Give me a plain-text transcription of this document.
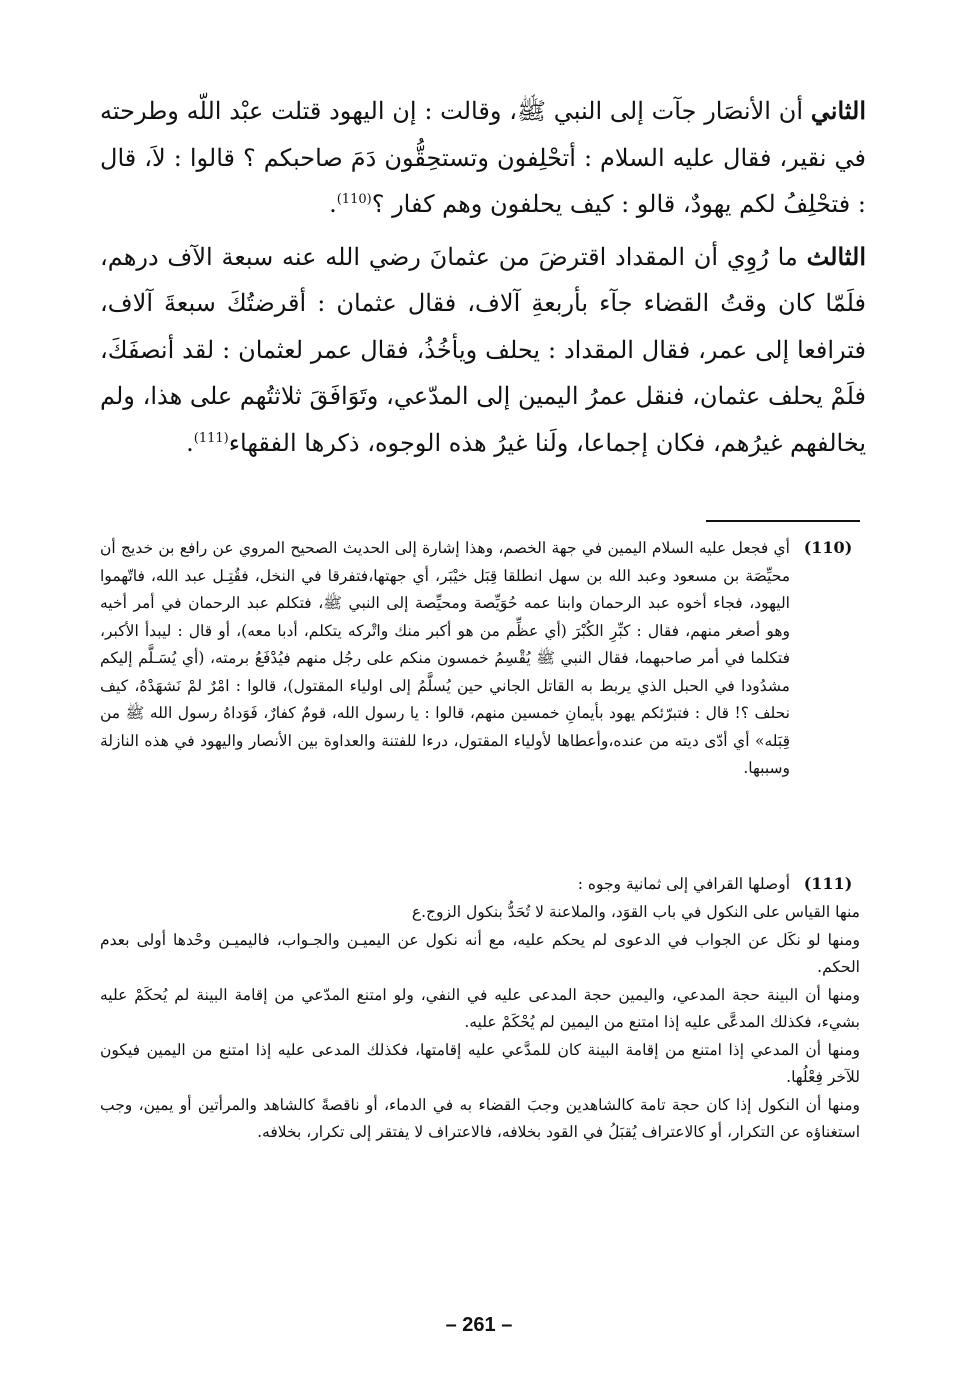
الثاني أن الأنصَار جآت إلى النبي ﷺ، وقالت : إن اليهود قتلت عبْد اللّه وطرحته في نقير، فقال عليه السلام : أتحْلِفون وتستحِقُّون دَمَ صاحبكم ؟ قالوا : لاَ، قال : فتحْلِفُ لكم يهودٌ، قالو : كيف يحلفون وهم كفار ؟$^{(110)}$.

الثالث ما رُوِي أن المقداد اقترضَ من عثمانَ رضي الله عنه سبعة الآف درهم، فلَمّا كان وقتُ القضاء جآء بأربعةِ آلاف، فقال عثمان : أقرضتُكَ سبعةَ آلاف، فترافعا إلى عمر، فقال المقداد : يحلف ويأخُذُ، فقال عمر لعثمان : لقد أنصفَكَ، فلَمْ يحلف عثمان، فنقل عمرُ اليمين إلى المدّعي، وتَوَافَقَ ثلاثتُهم على هذا، ولم يخالفهم غيرُهم، فكان إجماعا، ولَنا غيرُ هذه الوجوه، ذكرها الفقهاء$^{(111)}$.

(110)

أي فجعل عليه السلام اليمين في جهة الخصم، وهذا إشارة إلى الحديث الصحيح المروي عن رافع بن خديج أن محيِّصَة بن مسعود وعبد الله بن سهل انطلقا قِبَل خيْبَر، أي جهتها،فتفرقا في النخل، فقُتِـل عبد الله، فاتّهموا اليهود، فجاء أخوه عبد الرحمان وابنا عمه حُوَيِّصة ومحيِّصة إلى النبي ﷺ، فتكلم عبد الرحمان في أمر أخيه وهو أصغر منهم، فقال : كبِّرِ الكُبْرَ (أي عظِّم من هو أكبر منك واتْركه يتكلم، أدبا معه)، أو قال : ليبدأ الأكبر، فتكلما في أمر صاحبهما، فقال النبي ﷺ يُقْسِمُ خمسون منكم على رجُل منهم فيُدْفَعُ برمته، (أي يُسَـلَّم إليكم مشدُودا في الحبل الذي يربط به القاتل الجاني حين يُسلَّمُ إلى اولياء المقتول)، قالوا : امْرٌ لمْ نَشهَدْهُ، كيف نحلف ؟! قال : فتبرّئكم يهود بأيمانِ خمسين منهم، قالوا : يا رسول الله، قومٌ كفارٌ، فَوَداهُ رسول الله ﷺ من قِبَله» أي أدّى ديته من عنده،وأعطاها لأولياء المقتول، درءا للفتنة والعداوة بين الأنصار واليهود في هذه النازلة وسببها.

(111)

أوصلها القرافي إلى ثمانية وجوه :

منها القياس على النكول في باب القوَد، والملاعنة لا تُحَدُّ بنكول الزوج.ع

ومنها لو نكَل عن الجواب في الدعوى لم يحكم عليه، مع أنه نكول عن اليميـن والجـواب، فاليميـن وحْدها أولى بعدم الحكم.

ومنها أن البينة حجة المدعي، واليمين حجة المدعى عليه في النفي، ولو امتنع المدّعي من إقامة البينة لم يُحكَمْ عليه بشيء، فكذلك المدعَّى عليه إذا امتنع من اليمين لم يُحْكَمْ عليه.

ومنها أن المدعي إذا امتنع من إقامة البينة كان للمدَّعي عليه إقامتها، فكذلك المدعى عليه إذا امتنع من اليمين فيكون للآخر فِعْلُها.

ومنها أن النكول إذا كان حجة تامة كالشاهدين وجبَ القضاء به في الدماء، أو ناقصةً كالشاهد والمرأتين أو يمين، وجب استغناؤه عن التكرار، أو كالاعتراف يُقبَلُ في القود بخلافه، فالاعتراف لا يفتقر إلى تكرار، بخلافه.

– 261 –
